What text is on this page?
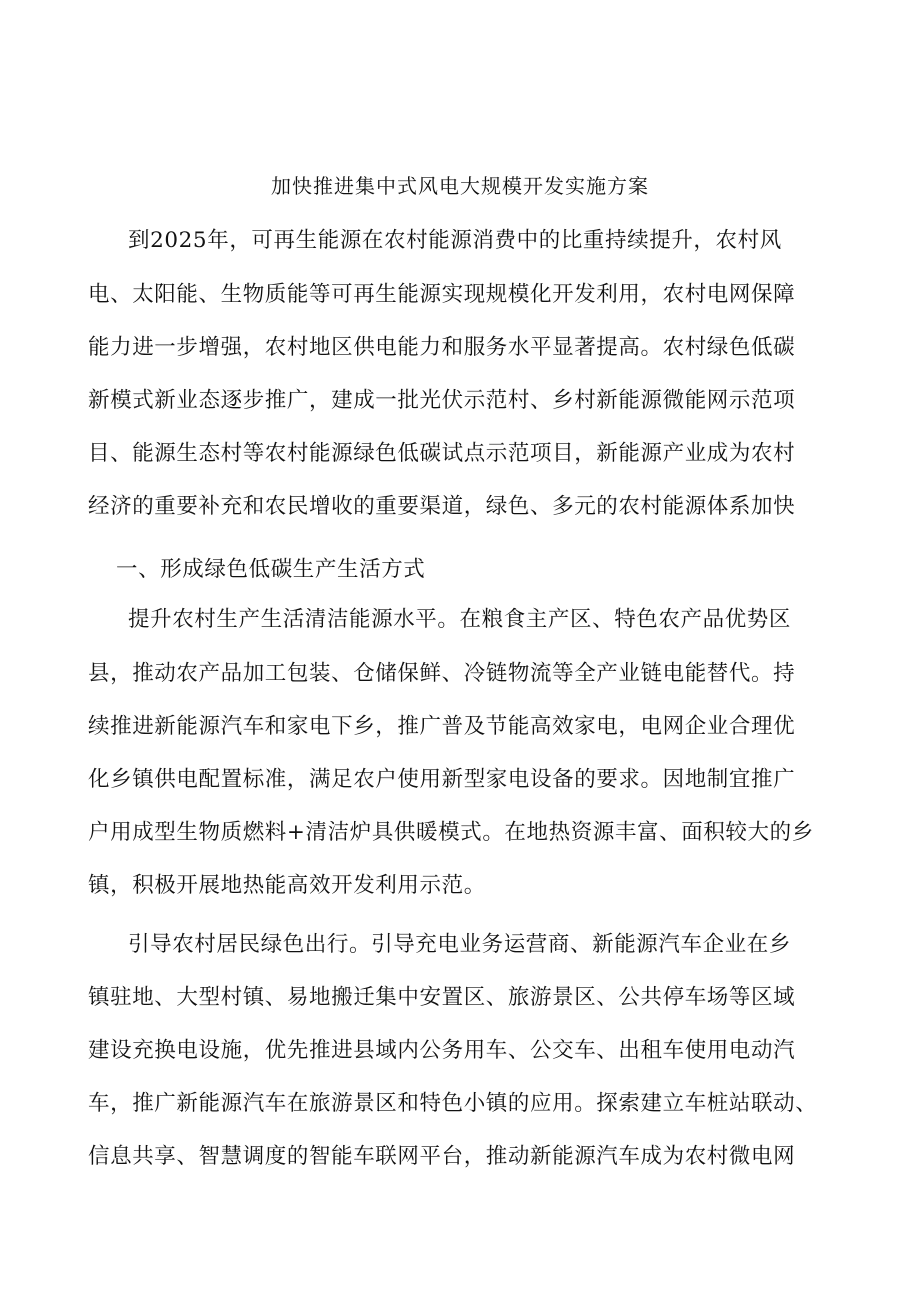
加快推进集中式风电大规模开发实施方案
到2025年，可再生能源在农村能源消费中的比重持续提升，农村风
电、太阳能、生物质能等可再生能源实现规模化开发利用，农村电网保障
能力进一步增强，农村地区供电能力和服务水平显著提高。农村绿色低碳
新模式新业态逐步推广，建成一批光伏示范村、乡村新能源微能网示范项
目、能源生态村等农村能源绿色低碳试点示范项目，新能源产业成为农村
经济的重要补充和农民增收的重要渠道，绿色、多元的农村能源体系加快
一、形成绿色低碳生产生活方式
提升农村生产生活清洁能源水平。在粮食主产区、特色农产品优势区
县，推动农产品加工包装、仓储保鲜、冷链物流等全产业链电能替代。持
续推进新能源汽车和家电下乡，推广普及节能高效家电，电网企业合理优
化乡镇供电配置标准，满足农户使用新型家电设备的要求。因地制宜推广
户用成型生物质燃料+清洁炉具供暖模式。在地热资源丰富、面积较大的乡
镇，积极开展地热能高效开发利用示范。
引导农村居民绿色出行。引导充电业务运营商、新能源汽车企业在乡
镇驻地、大型村镇、易地搬迁集中安置区、旅游景区、公共停车场等区域
建设充换电设施，优先推进县域内公务用车、公交车、出租车使用电动汽
车，推广新能源汽车在旅游景区和特色小镇的应用。探索建立车桩站联动、
信息共享、智慧调度的智能车联网平台，推动新能源汽车成为农村微电网
